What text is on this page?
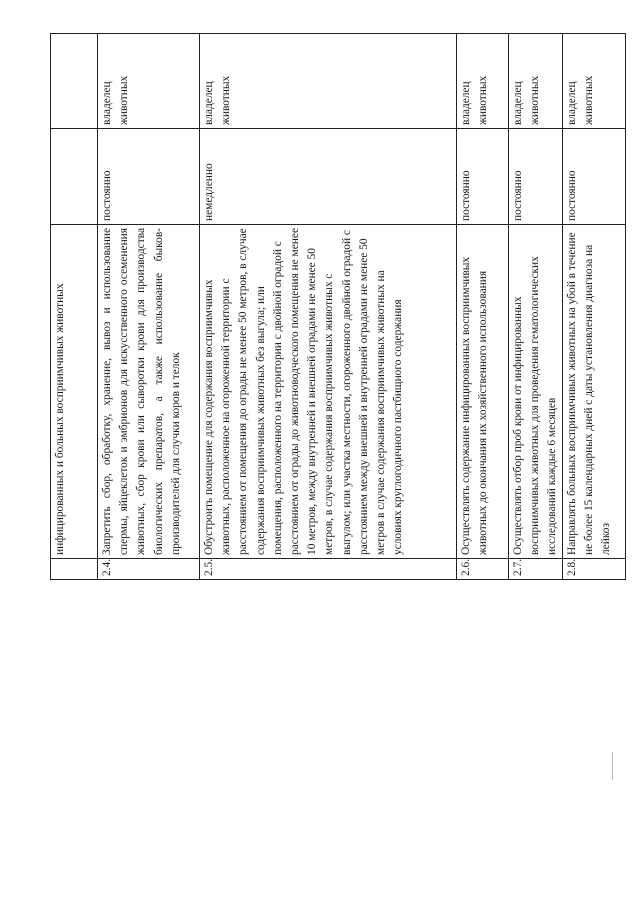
	инфицированных и больных восприимчивых животных		
2.4.	Запретить сбор, обработку, хранение, вывоз и использование спермы, яйцеклеток и эмбрионов для искусственного осеменения животных, сбор крови или сыворотки крови для производства биологических препаратов, а также использование быков-производителей для случки коров и телок	постоянно	владелец животных
2.5.	Обустроить помещение для содержания восприимчивых животных, расположенное на огороженной территории с расстоянием от помещения до ограды не менее 50 метров, в случае содержания восприимчивых животных без выгула; или помещения, расположенного на территории с двойной оградой с расстоянием от ограды до животноводческого помещения не менее 10 метров, между внутренней и внешней оградами не менее 50 метров, в случае содержания восприимчивых животных с выгулом; или участка местности, огороженного двойной оградой с расстоянием между внешней и внутренней оградами не менее 50 метров в случае содержания восприимчивых животных на условиях круглогодичного пастбищного содержания	немедленно	владелец животных
2.6.	Осуществлять содержание инфицированных восприимчивых животных до окончания их хозяйственного использования	постоянно	владелец животных
2.7.	Осуществлять отбор проб крови от инфицированных восприимчивых животных для проведения гематологических исследований каждые 6 месяцев	постоянно	владелец животных
2.8.	Направлять больных восприимчивых животных на убой в течение не более 15 календарных дней с даты установления диагноза на лейкоз	постоянно	владелец животных
